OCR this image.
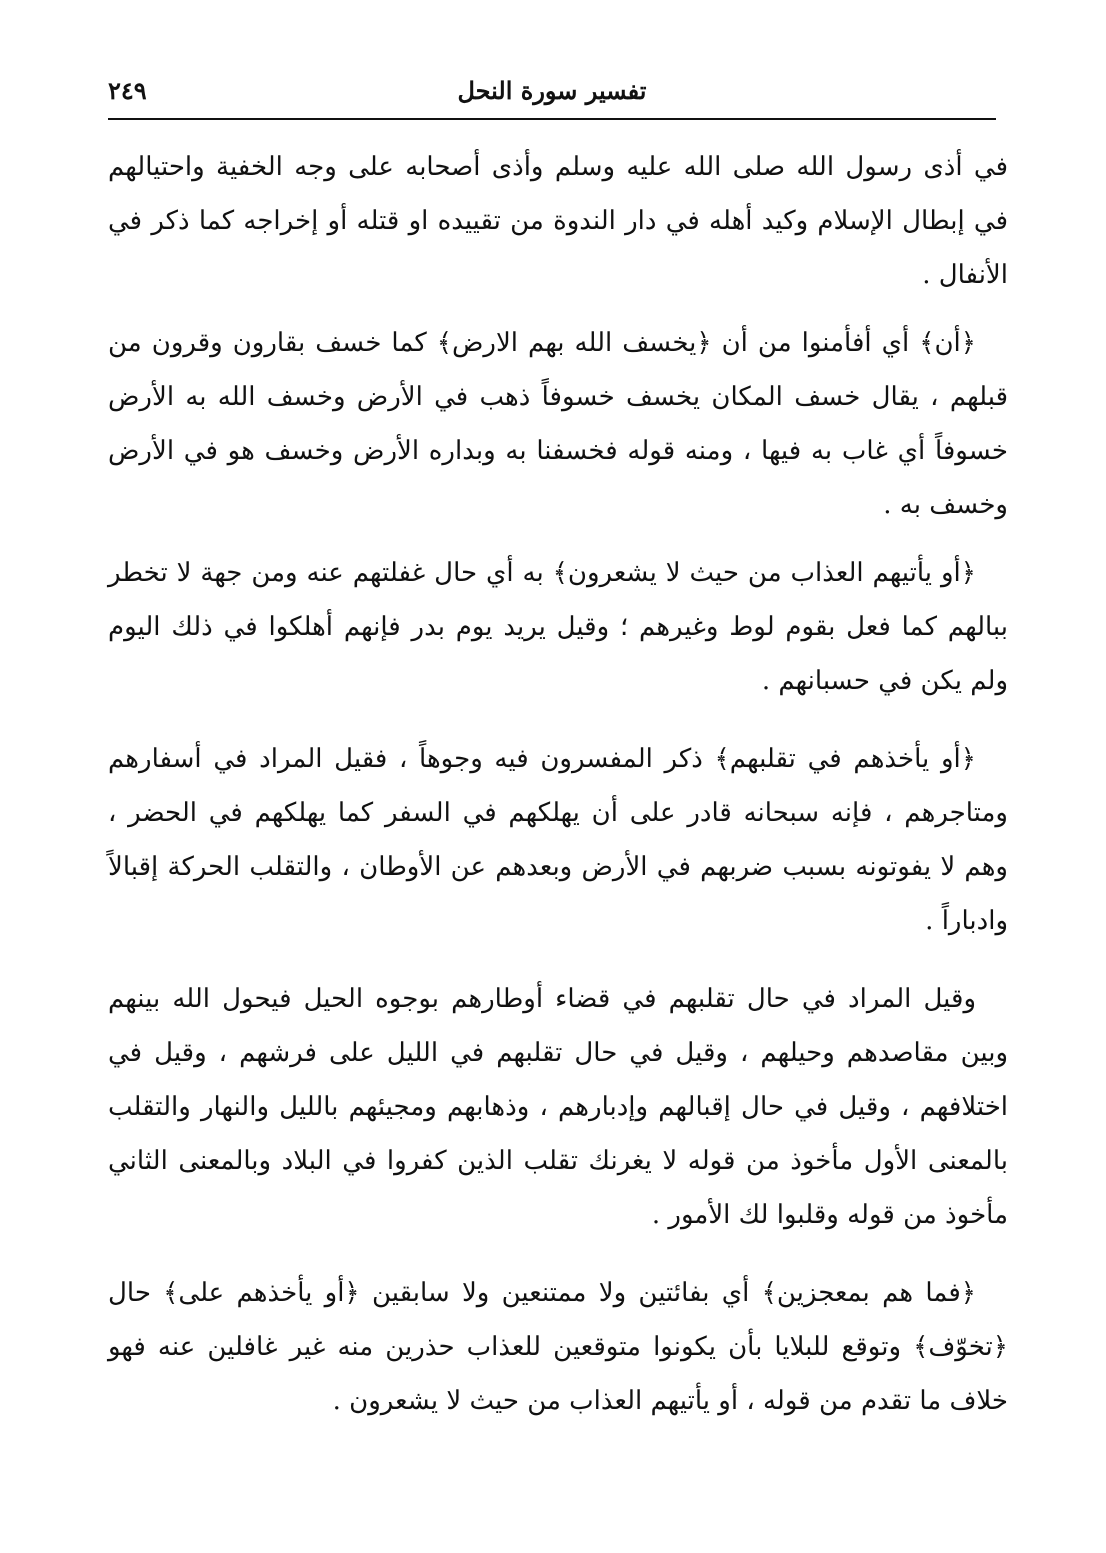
٢٤٩	تفسير سورة النحل

في أذى رسول الله صلى الله عليه وسلم وأذى أصحابه على وجه الخفية واحتيالهم في إبطال الإسلام وكيد أهله في دار الندوة من تقييده او قتله أو إخراجه كما ذكر في الأنفال .

﴿أن﴾ أي أفأمنوا من أن ﴿يخسف الله بهم الارض﴾ كما خسف بقارون وقرون من قبلهم ، يقال خسف المكان يخسف خسوفاً ذهب في الأرض وخسف الله به الأرض خسوفاً أي غاب به فيها ، ومنه قوله فخسفنا به وبداره الأرض وخسف هو في الأرض وخسف به .

﴿أو يأتيهم العذاب من حيث لا يشعرون﴾ به أي حال غفلتهم عنه ومن جهة لا تخطر ببالهم كما فعل بقوم لوط وغيرهم ؛ وقيل يريد يوم بدر فإنهم أهلكوا في ذلك اليوم ولم يكن في حسبانهم .

﴿أو يأخذهم في تقلبهم﴾ ذكر المفسرون فيه وجوهاً ، فقيل المراد في أسفارهم ومتاجرهم ، فإنه سبحانه قادر على أن يهلكهم في السفر كما يهلكهم في الحضر ، وهم لا يفوتونه بسبب ضربهم في الأرض وبعدهم عن الأوطان ، والتقلب الحركة إقبالاً وادباراً .

وقيل المراد في حال تقلبهم في قضاء أوطارهم بوجوه الحيل فيحول الله بينهم وبين مقاصدهم وحيلهم ، وقيل في حال تقلبهم في الليل على فرشهم ، وقيل في اختلافهم ، وقيل في حال إقبالهم وإدبارهم ، وذهابهم ومجيئهم بالليل والنهار والتقلب بالمعنى الأول مأخوذ من قوله لا يغرنك تقلب الذين كفروا في البلاد وبالمعنى الثاني مأخوذ من قوله وقلبوا لك الأمور .

﴿فما هم بمعجزين﴾ أي بفائتين ولا ممتنعين ولا سابقين ﴿أو يأخذهم على﴾ حال ﴿تخوّف﴾ وتوقع للبلايا بأن يكونوا متوقعين للعذاب حذرين منه غير غافلين عنه فهو خلاف ما تقدم من قوله ، أو يأتيهم العذاب من حيث لا يشعرون .
